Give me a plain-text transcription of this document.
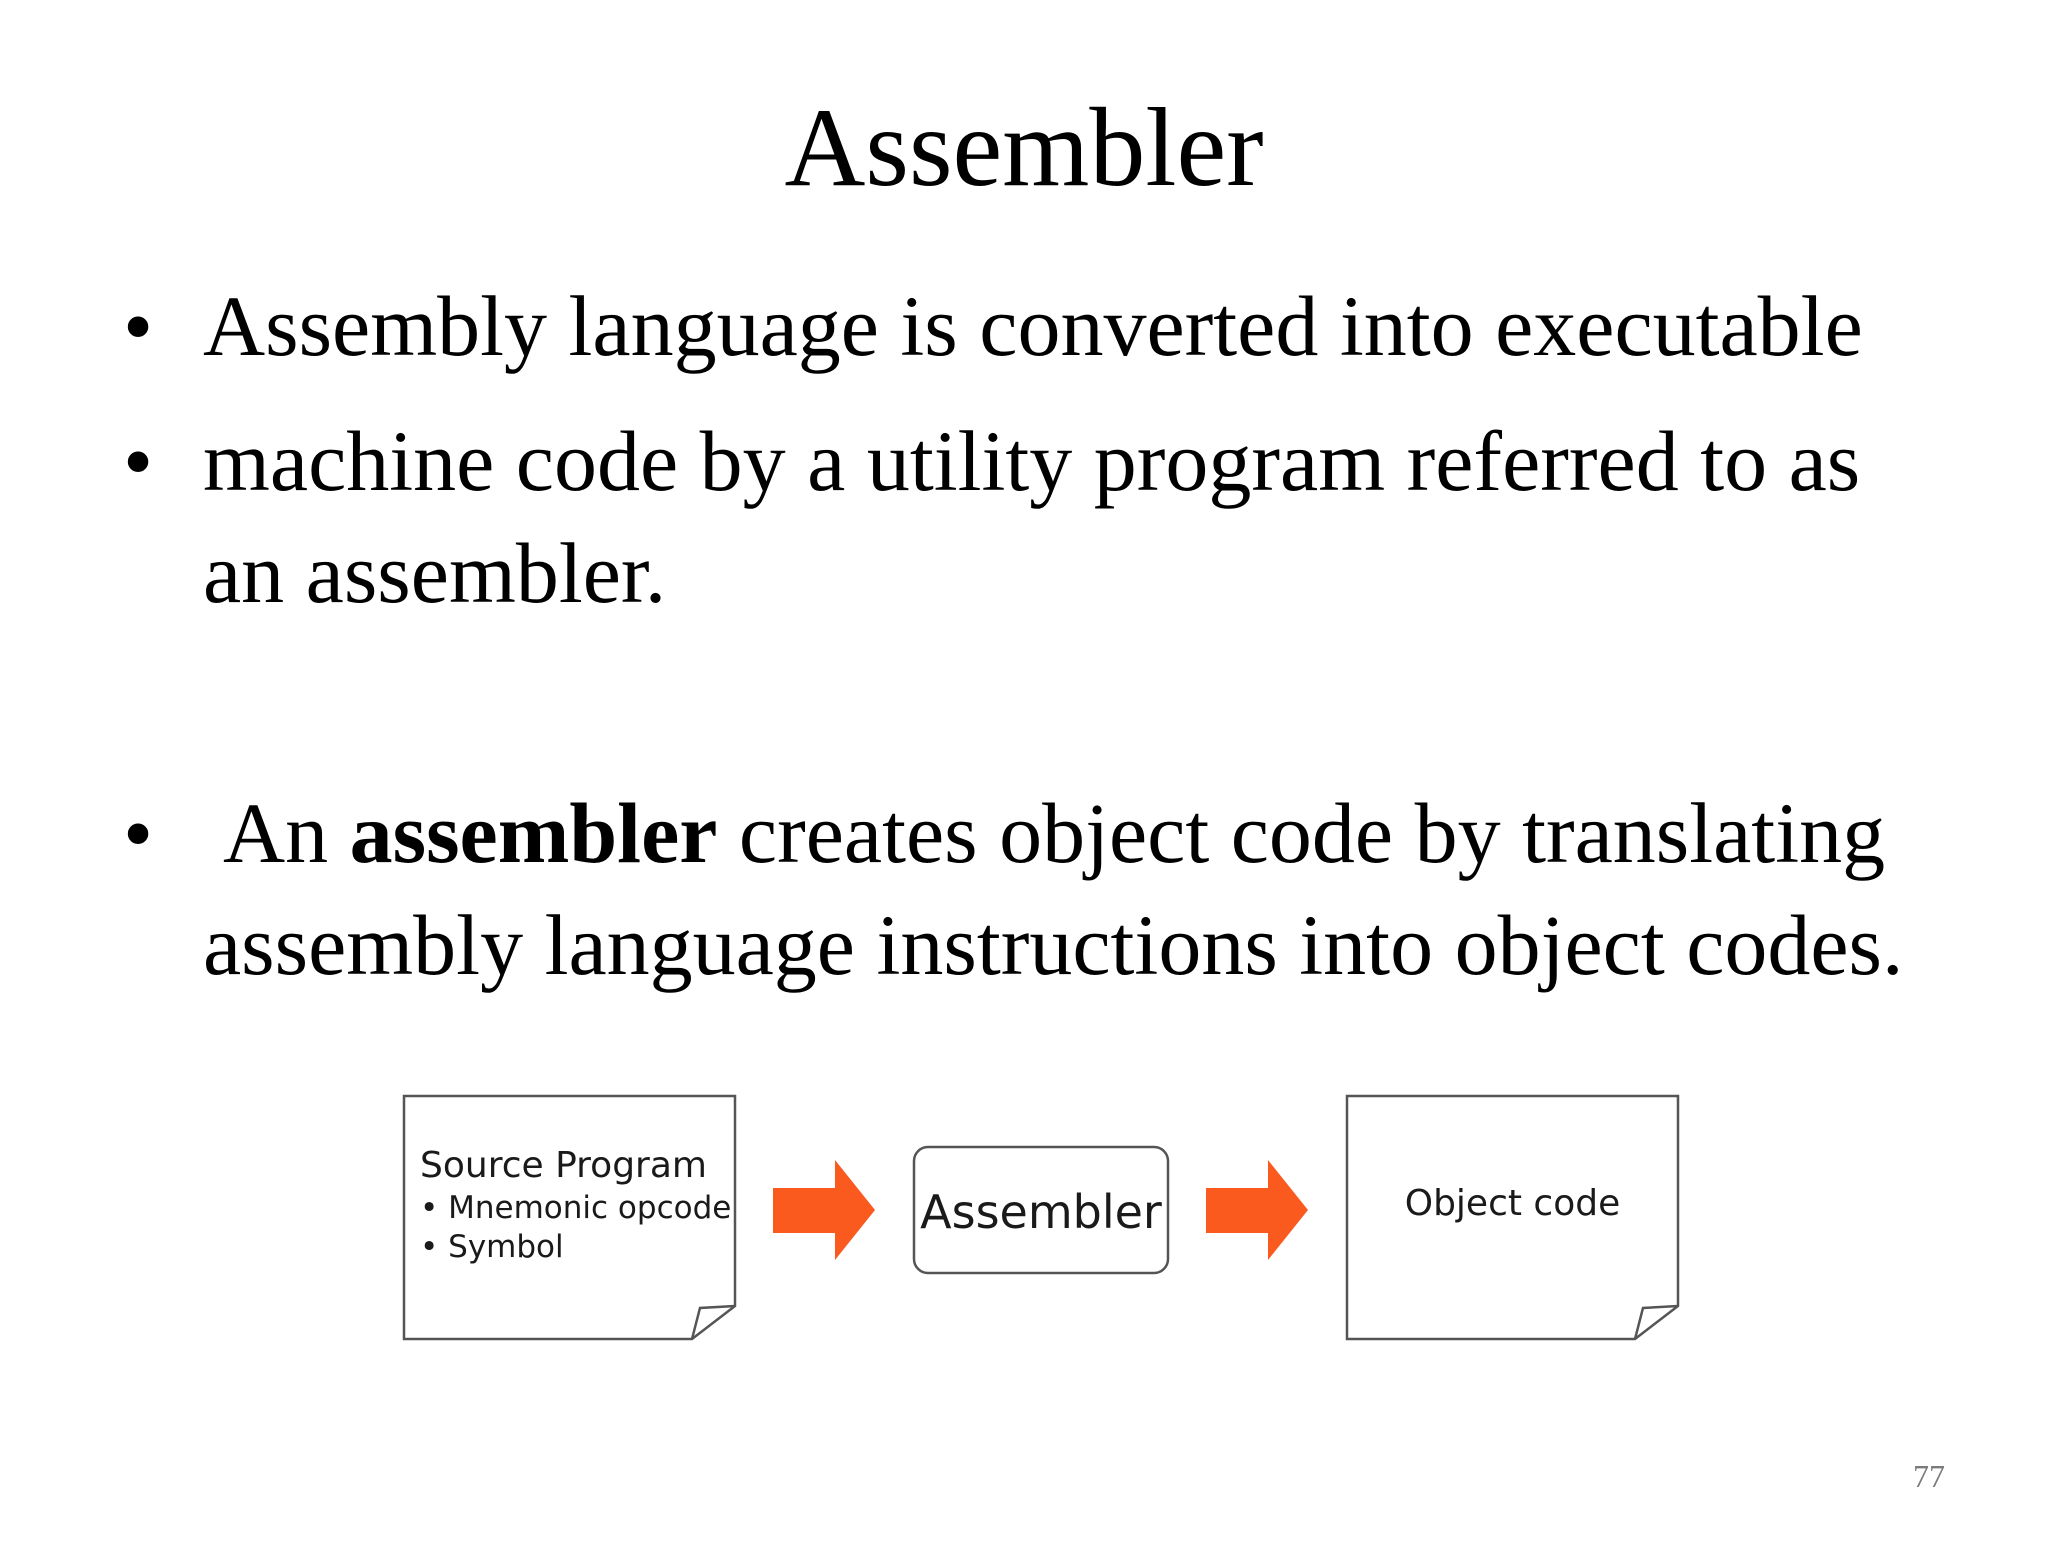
Assembler
• Assembly language is converted into executable
• machine code by a utility program referred to as
an assembler.
• An assembler creates object code by translating
assembly language instructions into object codes.
Source Program
• Mnemonic opcode
• Symbol
Assembler	Object code
77
